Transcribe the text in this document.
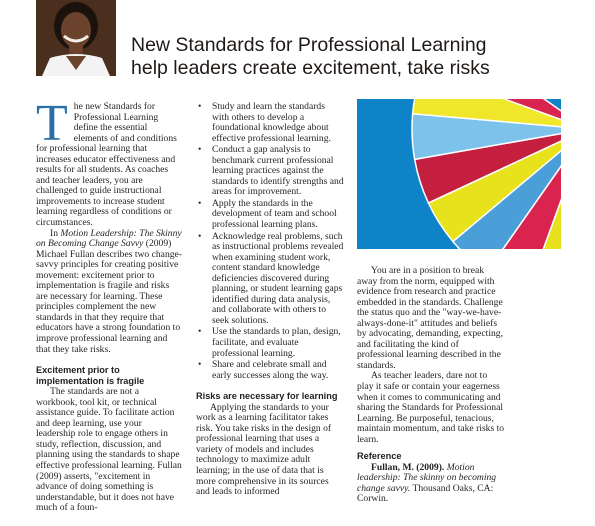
New Standards for Professional Learning
help leaders create excitement, take risks

The new Standards for Professional Learning define the essential elements of and conditions for professional learning that increases educator effectiveness and results for all students. As coaches and teacher leaders, you are challenged to guide instructional improvements to increase student learning regardless of conditions or circumstances.

In Motion Leadership: The Skinny on Becoming Change Savvy (2009) Michael Fullan describes two change-savvy principles for creating positive movement: excitement prior to implementation is fragile and risks are necessary for learning. These principles complement the new standards in that they require that educators have a strong foundation to improve professional learning and that they take risks.

Excitement prior to implementation is fragile

The standards are not a workbook, tool kit, or technical assistance guide. To facilitate action and deep learning, use your leadership role to engage others in study, reflection, discussion, and planning using the standards to shape effective professional learning. Fullan (2009) asserts, "excitement in advance of doing something is understandable, but it does not have much of a foun-

• Study and learn the standards with others to develop a foundational knowledge about effective professional learning.
• Conduct a gap analysis to benchmark current professional learning practices against the standards to identify strengths and areas for improvement.
• Apply the standards in the development of team and school professional learning plans.
• Acknowledge real problems, such as instructional problems revealed when examining student work, content standard knowledge deficiencies discovered during planning, or student learning gaps identified during data analysis, and collaborate with others to seek solutions.
• Use the standards to plan, design, facilitate, and evaluate professional learning.
• Share and celebrate small and early successes along the way.

Risks are necessary for learning

Applying the standards to your work as a learning facilitator takes risk. You take risks in the design of professional learning that uses a variety of models and includes technology to maximize adult learning; in the use of data that is more comprehensive in its sources and leads to informed

You are in a position to break away from the norm, equipped with evidence from research and practice embedded in the standards. Challenge the status quo and the "way-we-have-always-done-it" attitudes and beliefs by advocating, demanding, expecting, and facilitating the kind of professional learning described in the standards.

As teacher leaders, dare not to play it safe or contain your eagerness when it comes to communicating and sharing the Standards for Professional Learning. Be purposeful, tenacious, maintain momentum, and take risks to learn.

Reference

Fullan, M. (2009). Motion leadership: The skinny on becoming change savvy. Thousand Oaks, CA: Corwin.
